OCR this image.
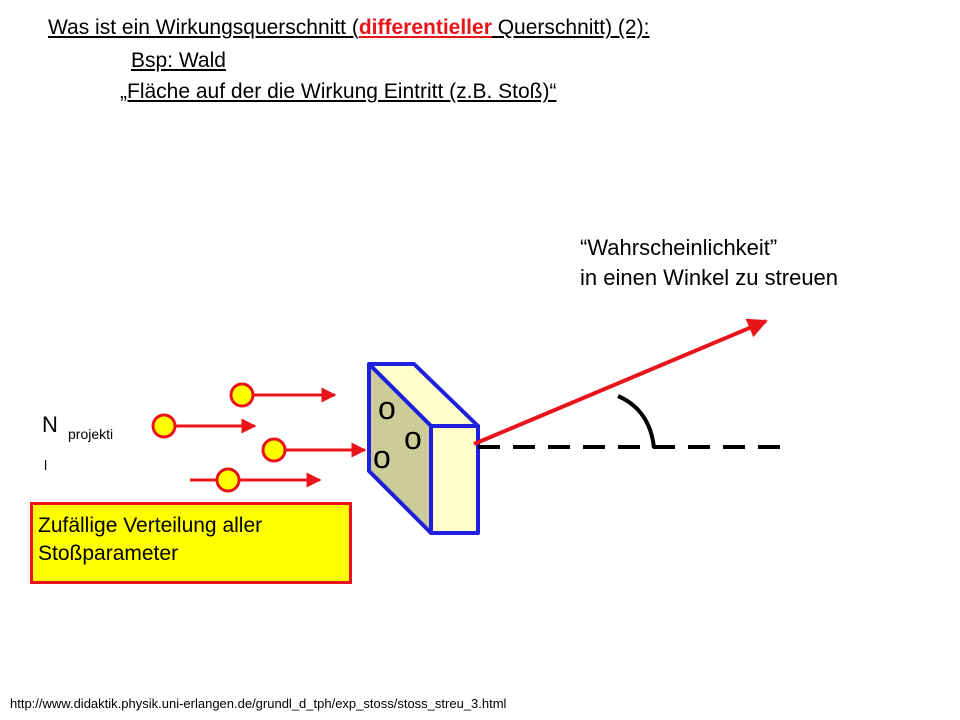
Was ist ein Wirkungsquerschnitt (differentieller Querschnitt) (2):
Bsp: Wald
„Fläche auf der die Wirkung Eintritt (z.B. Stoß)“
o
o
o
“Wahrscheinlichkeit”
in einen Winkel zu streuen
N projekti
l
Zufällige Verteilung aller
Stoßparameter
http://www.didaktik.physik.uni-erlangen.de/grundl_d_tph/exp_stoss/stoss_streu_3.html
